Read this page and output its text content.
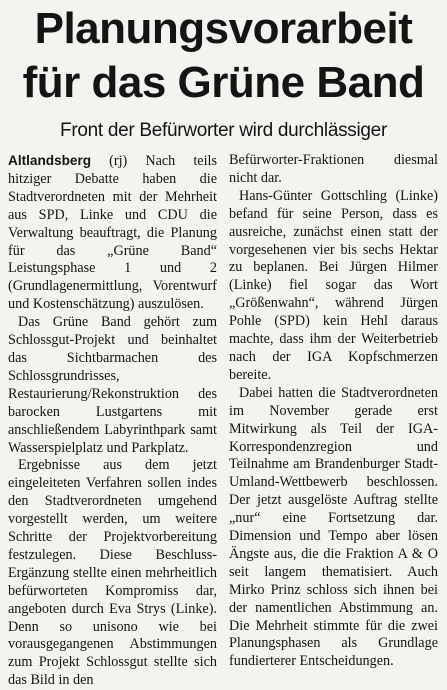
Planungsvorarbeit
für das Grüne Band
Front der Befürworter wird durchlässiger

Altlandsberg (rj) Nach teils hitziger Debatte haben die Stadtverordneten mit der Mehrheit aus SPD, Linke und CDU die Verwaltung beauftragt, die Planung für das „Grüne Band“ Leistungsphase 1 und 2 (Grundlagenermittlung, Vorentwurf und Kostenschätzung) auszulösen.

Das Grüne Band gehört zum Schlossgut-Projekt und beinhaltet das Sichtbarmachen des Schlossgrundrisses, Restaurierung/Rekonstruktion des barocken Lustgartens mit anschließendem Labyrinthpark samt Wasserspielplatz und Parkplatz.

Ergebnisse aus dem jetzt eingeleiteten Verfahren sollen indes den Stadtverordneten umgehend vorgestellt werden, um weitere Schritte der Projektvorbereitung festzulegen. Diese Beschluss-Ergänzung stellte einen mehrheitlich befürworteten Kompromiss dar, angeboten durch Eva Strys (Linke). Denn so unisono wie bei vorausgegangenen Abstimmungen zum Projekt Schlossgut stellte sich das Bild in den

Befürworter-Fraktionen diesmal nicht dar.

Hans-Günter Gottschling (Linke) befand für seine Person, dass es ausreiche, zunächst einen statt der vorgesehenen vier bis sechs Hektar zu beplanen. Bei Jürgen Hilmer (Linke) fiel sogar das Wort „Größenwahn“, während Jürgen Pohle (SPD) kein Hehl daraus machte, dass ihm der Weiterbetrieb nach der IGA Kopfschmerzen bereite.

Dabei hatten die Stadtverordneten im November gerade erst Mitwirkung als Teil der IGA-Korrespondenzregion und Teilnahme am Brandenburger Stadt-Umland-Wettbewerb beschlossen. Der jetzt ausgelöste Auftrag stellte „nur“ eine Fortsetzung dar. Dimension und Tempo aber lösen Ängste aus, die die Fraktion A & O seit langem thematisiert. Auch Mirko Prinz schloss sich ihnen bei der namentlichen Abstimmung an. Die Mehrheit stimmte für die zwei Planungsphasen als Grundlage fundierterer Entscheidungen.
